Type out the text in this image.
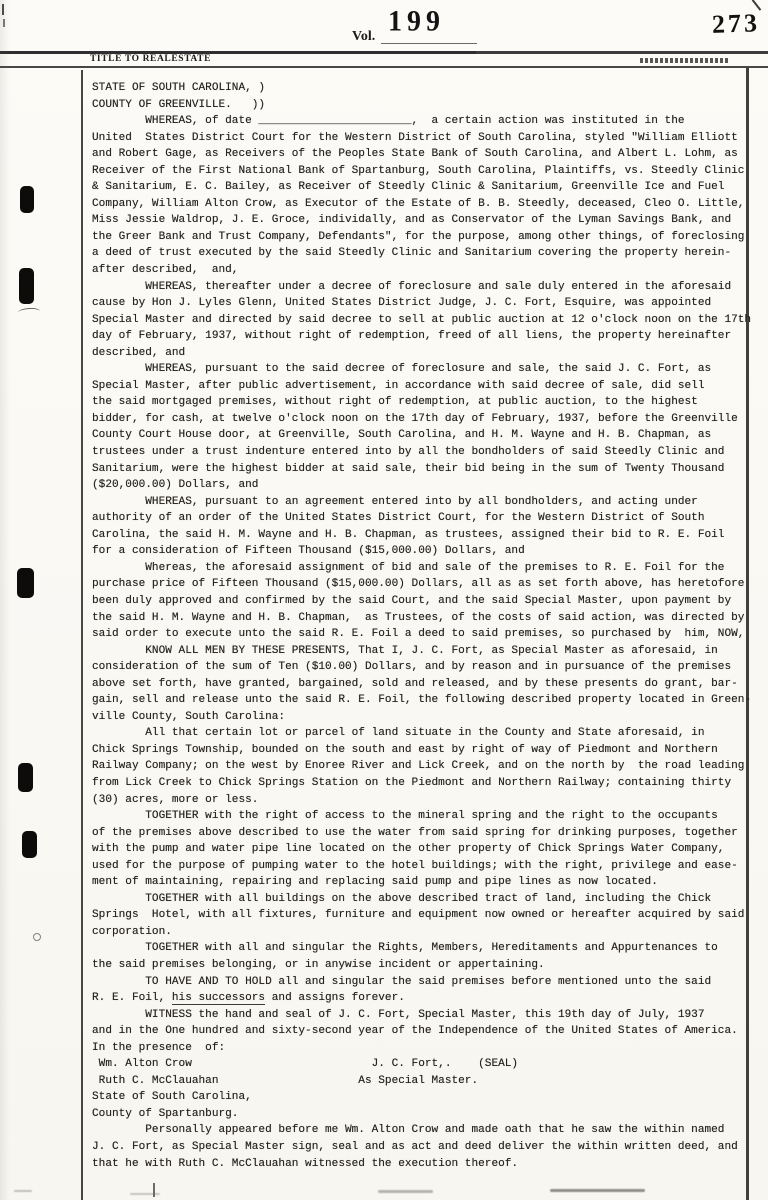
Vol. 199	273
TITLE TO REALESTATE
STATE OF SOUTH CAROLINA, )
COUNTY OF GREENVILLE.   ))
WHEREAS, of date _______________________,  a certain action was instituted in the
United  States District Court for the Western District of South Carolina, styled "William Elliott
and Robert Gage, as Receivers of the Peoples State Bank of South Carolina, and Albert L. Lohm, as
Receiver of the First National Bank of Spartanburg, South Carolina, Plaintiffs, vs. Steedly Clinic
& Sanitarium, E. C. Bailey, as Receiver of Steedly Clinic & Sanitarium, Greenville Ice and Fuel
Company, William Alton Crow, as Executor of the Estate of B. B. Steedly, deceased, Cleo O. Little,
Miss Jessie Waldrop, J. E. Groce, individally, and as Conservator of the Lyman Savings Bank, and
the Greer Bank and Trust Company, Defendants", for the purpose, among other things, of foreclosing
a deed of trust executed by the said Steedly Clinic and Sanitarium covering the property herein-
after described,  and,
WHEREAS, thereafter under a decree of foreclosure and sale duly entered in the aforesaid
cause by Hon J. Lyles Glenn, United States District Judge, J. C. Fort, Esquire, was appointed
Special Master and directed by said decree to sell at public auction at 12 o'clock noon on the 17th
day of February, 1937, without right of redemption, freed of all liens, the property hereinafter
described, and
WHEREAS, pursuant to the said decree of foreclosure and sale, the said J. C. Fort, as
Special Master, after public advertisement, in accordance with said decree of sale, did sell
the said mortgaged premises, without right of redemption, at public auction, to the highest
bidder, for cash, at twelve o'clock noon on the 17th day of February, 1937, before the Greenville
County Court House door, at Greenville, South Carolina, and H. M. Wayne and H. B. Chapman, as
trustees under a trust indenture entered into by all the bondholders of said Steedly Clinic and
Sanitarium, were the highest bidder at said sale, their bid being in the sum of Twenty Thousand
($20,000.00) Dollars, and
WHEREAS, pursuant to an agreement entered into by all bondholders, and acting under
authority of an order of the United States District Court, for the Western District of South
Carolina, the said H. M. Wayne and H. B. Chapman, as trustees, assigned their bid to R. E. Foil
for a consideration of Fifteen Thousand ($15,000.00) Dollars, and
Whereas, the aforesaid assignment of bid and sale of the premises to R. E. Foil for the
purchase price of Fifteen Thousand ($15,000.00) Dollars, all as as set forth above, has heretofore
been duly approved and confirmed by the said Court, and the said Special Master, upon payment by
the said H. M. Wayne and H. B. Chapman,  as Trustees, of the costs of said action, was directed by
said order to execute unto the said R. E. Foil a deed to said premises, so purchased by  him, NOW,
KNOW ALL MEN BY THESE PRESENTS, That I, J. C. Fort, as Special Master as aforesaid, in
consideration of the sum of Ten ($10.00) Dollars, and by reason and in pursuance of the premises
above set forth, have granted, bargained, sold and released, and by these presents do grant, bar-
gain, sell and release unto the said R. E. Foil, the following described property located in Green-
ville County, South Carolina:
All that certain lot or parcel of land situate in the County and State aforesaid, in
Chick Springs Township, bounded on the south and east by right of way of Piedmont and Northern
Railway Company; on the west by Enoree River and Lick Creek, and on the north by  the road leading
from Lick Creek to Chick Springs Station on the Piedmont and Northern Railway; containing thirty
(30) acres, more or less.
TOGETHER with the right of access to the mineral spring and the right to the occupants
of the premises above described to use the water from said spring for drinking purposes, together
with the pump and water pipe line located on the other property of Chick Springs Water Company,
used for the purpose of pumping water to the hotel buildings; with the right, privilege and ease-
ment of maintaining, repairing and replacing said pump and pipe lines as now located.
TOGETHER with all buildings on the above described tract of land, including the Chick
Springs  Hotel, with all fixtures, furniture and equipment now owned or hereafter acquired by said
corporation.
TOGETHER with all and singular the Rights, Members, Hereditaments and Appurtenances to
the said premises belonging, or in anywise incident or appertaining.
TO HAVE AND TO HOLD all and singular the said premises before mentioned unto the said
R. E. Foil, his successors and assigns forever.
WITNESS the hand and seal of J. C. Fort, Special Master, this 19th day of July, 1937
and in the One hundred and sixty-second year of the Independence of the United States of America.
In the presence  of:
Wm. Alton Crow                           J. C. Fort,.    (SEAL)
Ruth C. McClauahan                     As Special Master.
State of South Carolina,
County of Spartanburg.
Personally appeared before me Wm. Alton Crow and made oath that he saw the within named
J. C. Fort, as Special Master sign, seal and as act and deed deliver the within written deed, and
that he with Ruth C. McClauahan witnessed the execution thereof.
